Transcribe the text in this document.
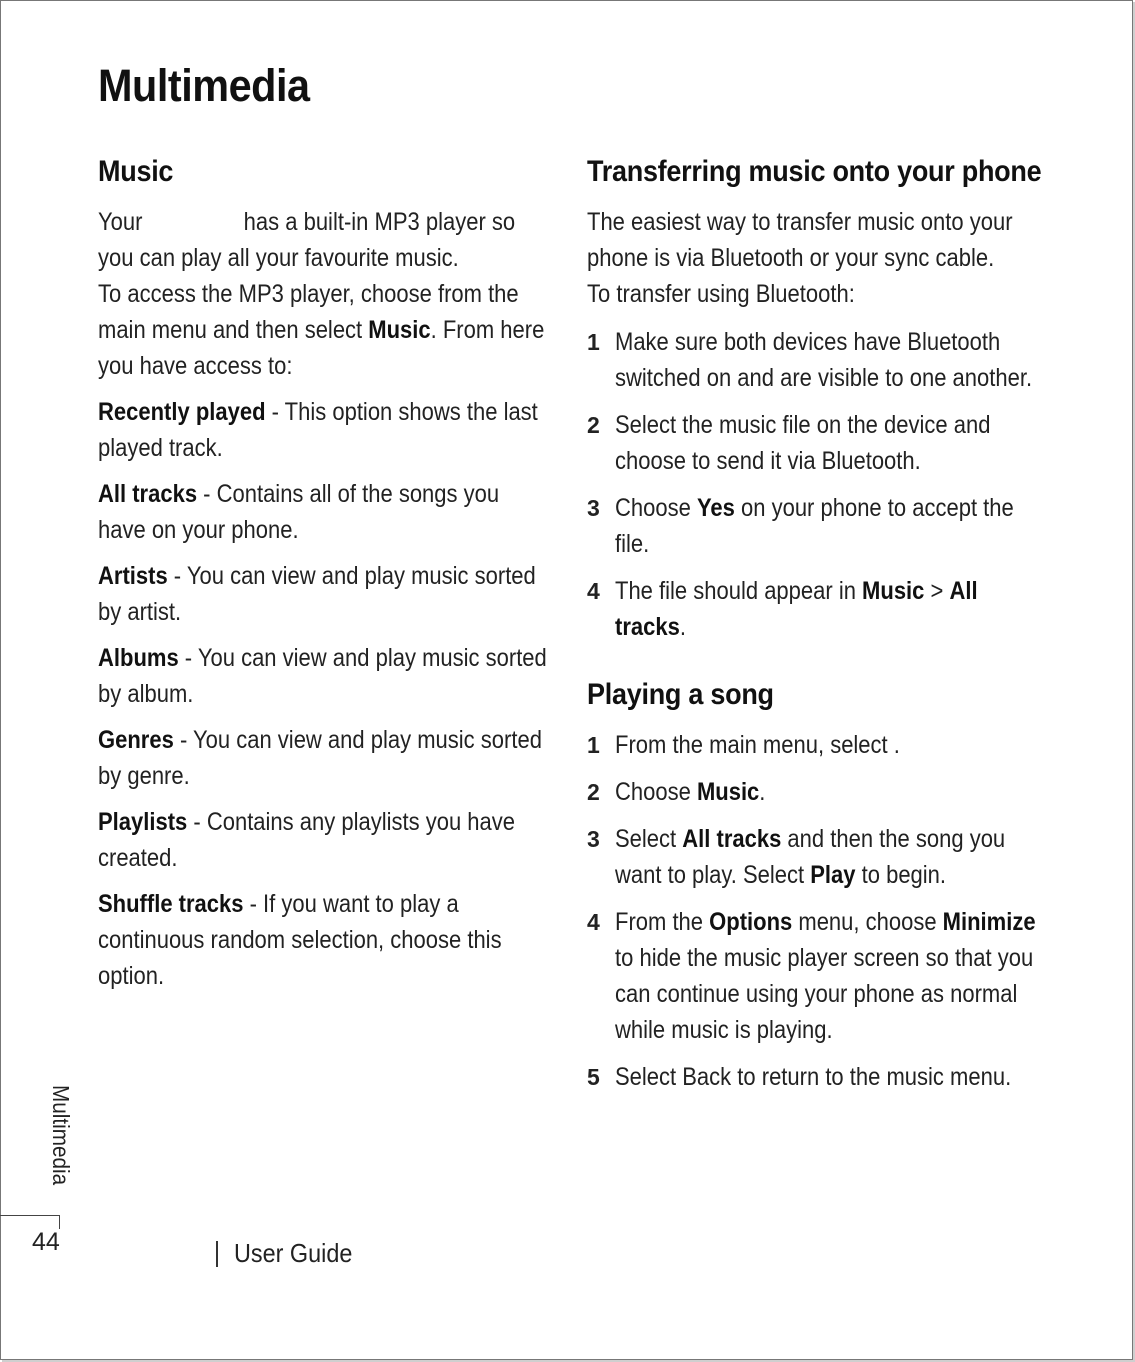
Multimedia
Music
Your	has a built-in MP3 player so you can play all your favourite music.
To access the MP3 player, choose from the main menu and then select Music. From here you have access to:
Recently played - This option shows the last played track.
All tracks - Contains all of the songs you have on your phone.
Artists - You can view and play music sorted by artist.
Albums - You can view and play music sorted by album.
Genres - You can view and play music sorted by genre.
Playlists - Contains any playlists you have created.
Shuffle tracks - If you want to play a continuous random selection, choose this option.
Transferring music onto your phone
The easiest way to transfer music onto your phone is via Bluetooth or your sync cable.
To transfer using Bluetooth:
1 Make sure both devices have Bluetooth switched on and are visible to one another.
2 Select the music file on the device and choose to send it via Bluetooth.
3 Choose Yes on your phone to accept the file.
4 The file should appear in Music > All tracks.
Playing a song
1 From the main menu, select .
2 Choose Music.
3 Select All tracks and then the song you want to play. Select Play to begin.
4 From the Options menu, choose Minimize to hide the music player screen so that you can continue using your phone as normal while music is playing.
5 Select Back to return to the music menu.
Multimedia
44	User Guide
